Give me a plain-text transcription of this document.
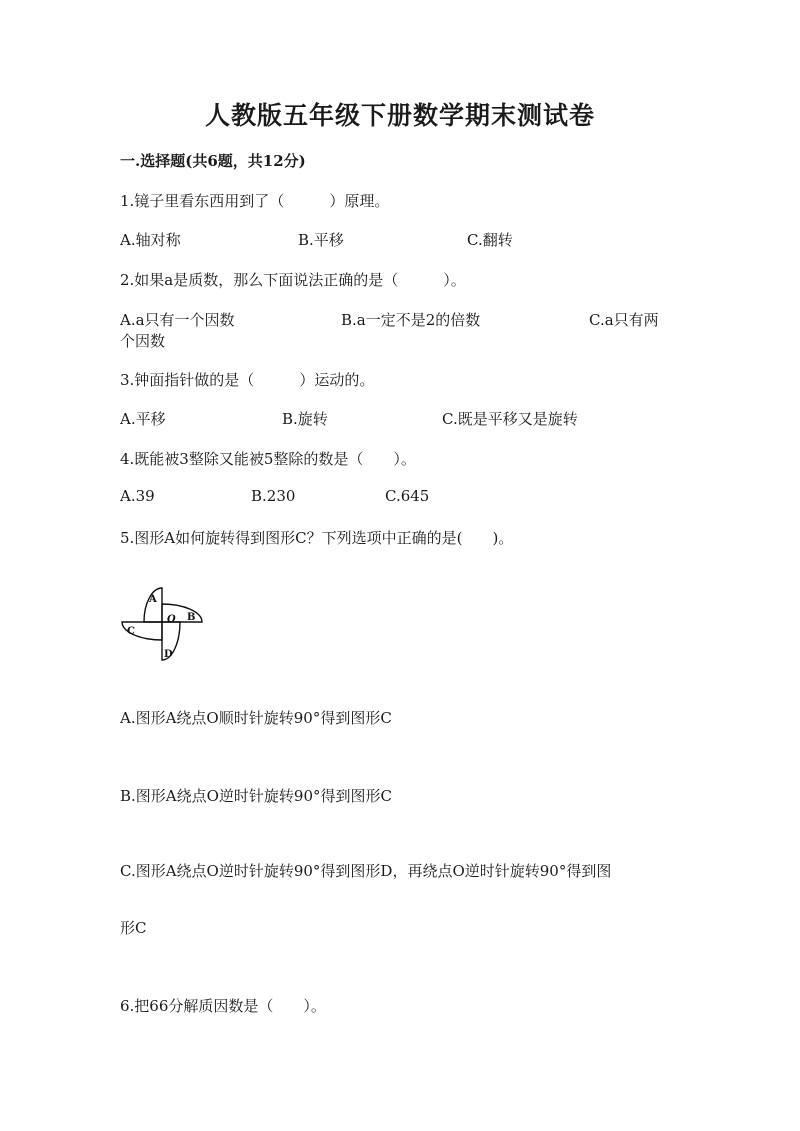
人教版五年级下册数学期末测试卷
一.选择题(共6题，共12分)
1.镜子里看东西用到了（　　　）原理。
A.轴对称	B.平移	C.翻转
2.如果a是质数，那么下面说法正确的是（　　　）。
A.a只有一个因数	B.a一定不是2的倍数	C.a只有两
个因数
3.钟面指针做的是（　　　）运动的。
A.平移	B.旋转	C.既是平移又是旋转
4.既能被3整除又能被5整除的数是（　　）。
A.39	B.230	C.645
5.图形A如何旋转得到图形C？下列选项中正确的是(　　)。
A
B
C
D
O
A.图形A绕点O顺时针旋转90°得到图形C
B.图形A绕点O逆时针旋转90°得到图形C
C.图形A绕点O逆时针旋转90°得到图形D，再绕点O逆时针旋转90°得到图
形C
6.把66分解质因数是（　　）。
